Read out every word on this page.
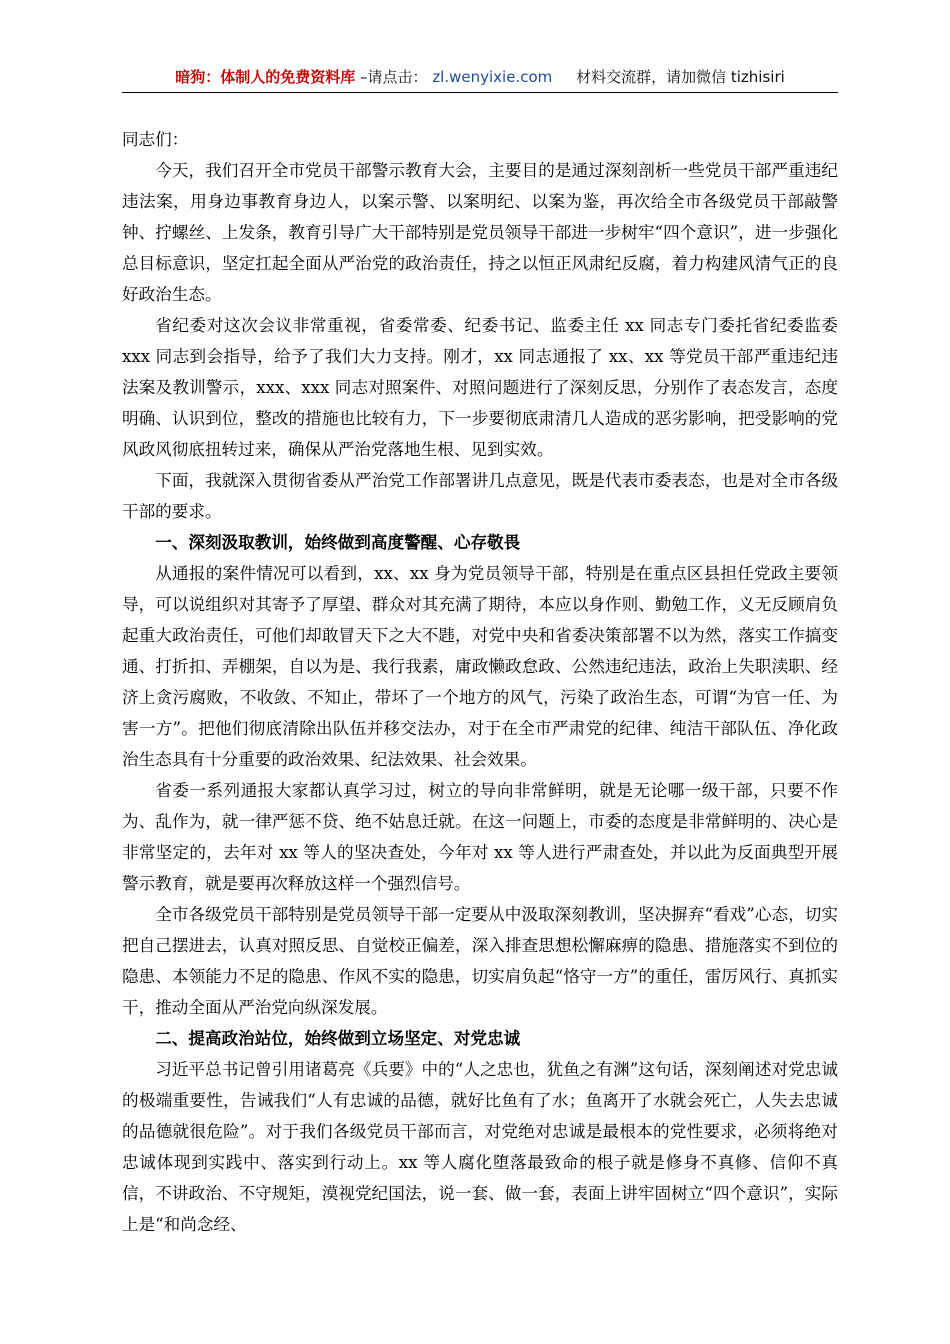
暗狗：体制人的免费资料库 –请点击： zl.wenyixie.com 材料交流群，请加微信 tizhisiri

同志们：

今天，我们召开全市党员干部警示教育大会，主要目的是通过深刻剖析一些党员干部严重违纪违法案，用身边事教育身边人，以案示警、以案明纪、以案为鉴，再次给全市各级党员干部敲警钟、拧螺丝、上发条，教育引导广大干部特别是党员领导干部进一步树牢“四个意识”，进一步强化总目标意识，坚定扛起全面从严治党的政治责任，持之以恒正风肃纪反腐，着力构建风清气正的良好政治生态。

省纪委对这次会议非常重视，省委常委、纪委书记、监委主任 xx 同志专门委托省纪委监委 xxx 同志到会指导，给予了我们大力支持。刚才，xx 同志通报了 xx、xx 等党员干部严重违纪违法案及教训警示，xxx、xxx 同志对照案件、对照问题进行了深刻反思，分别作了表态发言，态度明确、认识到位，整改的措施也比较有力，下一步要彻底肃清几人造成的恶劣影响，把受影响的党风政风彻底扭转过来，确保从严治党落地生根、见到实效。

下面，我就深入贯彻省委从严治党工作部署讲几点意见，既是代表市委表态，也是对全市各级干部的要求。

一、深刻汲取教训，始终做到高度警醒、心存敬畏

从通报的案件情况可以看到，xx、xx 身为党员领导干部，特别是在重点区县担任党政主要领导，可以说组织对其寄予了厚望、群众对其充满了期待，本应以身作则、勤勉工作，义无反顾肩负起重大政治责任，可他们却敢冒天下之大不韪，对党中央和省委决策部署不以为然，落实工作搞变通、打折扣、弄棚架，自以为是、我行我素，庸政懒政怠政、公然违纪违法，政治上失职渎职、经济上贪污腐败，不收敛、不知止，带坏了一个地方的风气，污染了政治生态，可谓“为官一任、为害一方”。把他们彻底清除出队伍并移交法办，对于在全市严肃党的纪律、纯洁干部队伍、净化政治生态具有十分重要的政治效果、纪法效果、社会效果。

省委一系列通报大家都认真学习过，树立的导向非常鲜明，就是无论哪一级干部，只要不作为、乱作为，就一律严惩不贷、绝不姑息迁就。在这一问题上，市委的态度是非常鲜明的、决心是非常坚定的，去年对 xx 等人的坚决查处，今年对 xx 等人进行严肃查处，并以此为反面典型开展警示教育，就是要再次释放这样一个强烈信号。

全市各级党员干部特别是党员领导干部一定要从中汲取深刻教训，坚决摒弃“看戏”心态，切实把自己摆进去，认真对照反思、自觉校正偏差，深入排查思想松懈麻痹的隐患、措施落实不到位的隐患、本领能力不足的隐患、作风不实的隐患，切实肩负起“恪守一方”的重任，雷厉风行、真抓实干，推动全面从严治党向纵深发展。

二、提高政治站位，始终做到立场坚定、对党忠诚

习近平总书记曾引用诸葛亮《兵要》中的“人之忠也，犹鱼之有渊”这句话，深刻阐述对党忠诚的极端重要性，告诫我们“人有忠诚的品德，就好比鱼有了水；鱼离开了水就会死亡，人失去忠诚的品德就很危险”。对于我们各级党员干部而言，对党绝对忠诚是最根本的党性要求，必须将绝对忠诚体现到实践中、落实到行动上。xx 等人腐化堕落最致命的根子就是修身不真修、信仰不真信，不讲政治、不守规矩，漠视党纪国法，说一套、做一套，表面上讲牢固树立“四个意识”，实际上是“和尚念经、
